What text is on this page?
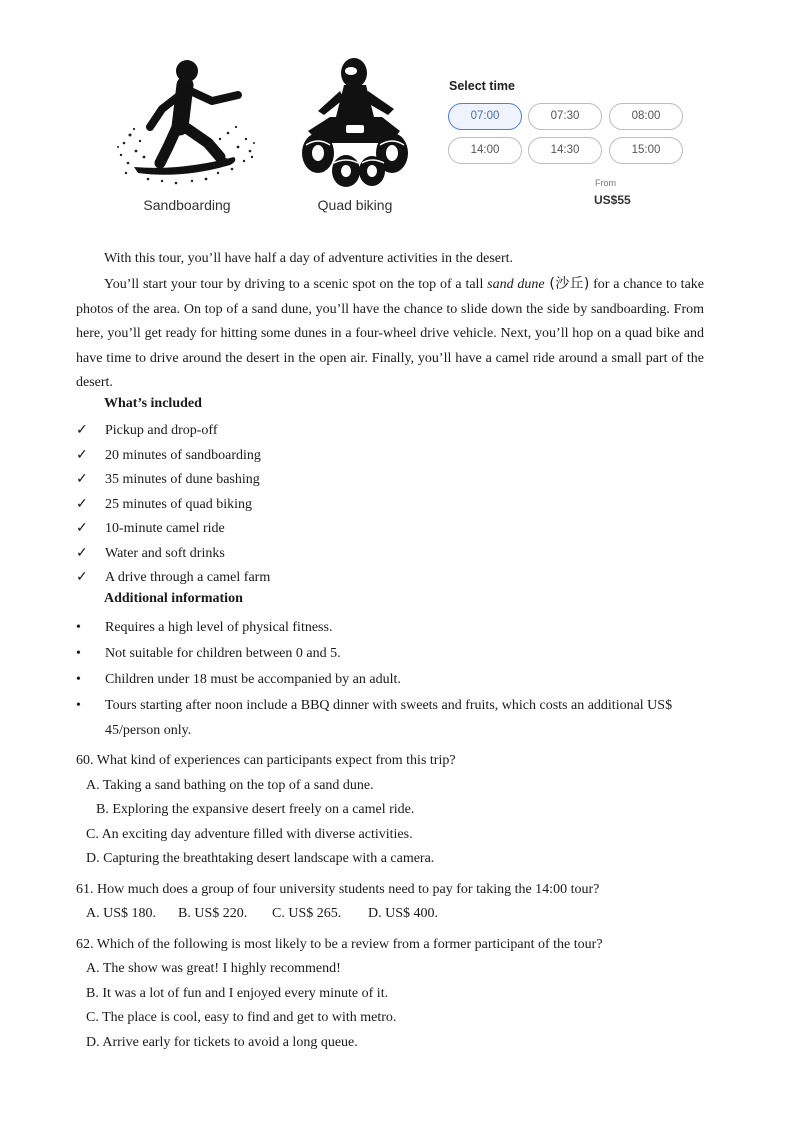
Sandboarding	Quad biking
Select time
07:00	07:30	08:00
14:00	14:30	15:00
From
US$55
With this tour, you’ll have half a day of adventure activities in the desert.
You’ll start your tour by driving to a scenic spot on the top of a tall sand dune (沙丘) for a chance to take photos of the area. On top of a sand dune, you’ll have the chance to slide down the side by sandboarding. From here, you’ll get ready for hitting some dunes in a four-wheel drive vehicle. Next, you’ll hop on a quad bike and have time to drive around the desert in the open air. Finally, you’ll have a camel ride around a small part of the desert.
What’s included
✓	Pickup and drop-off
✓	20 minutes of sandboarding
✓	35 minutes of dune bashing
✓	25 minutes of quad biking
✓	10-minute camel ride
✓	Water and soft drinks
✓	A drive through a camel farm
Additional information
•	Requires a high level of physical fitness.
•	Not suitable for children between 0 and 5.
•	Children under 18 must be accompanied by an adult.
•	Tours starting after noon include a BBQ dinner with sweets and fruits, which costs an additional US$ 45/person only.
60. What kind of experiences can participants expect from this trip?
A. Taking a sand bathing on the top of a sand dune.
B. Exploring the expansive desert freely on a camel ride.
C. An exciting day adventure filled with diverse activities.
D. Capturing the breathtaking desert landscape with a camera.
61. How much does a group of four university students need to pay for taking the 14:00 tour?
A. US$ 180. B. US$ 220. C. US$ 265. D. US$ 400.
62. Which of the following is most likely to be a review from a former participant of the tour?
A. The show was great! I highly recommend!
B. It was a lot of fun and I enjoyed every minute of it.
C. The place is cool, easy to find and get to with metro.
D. Arrive early for tickets to avoid a long queue.
